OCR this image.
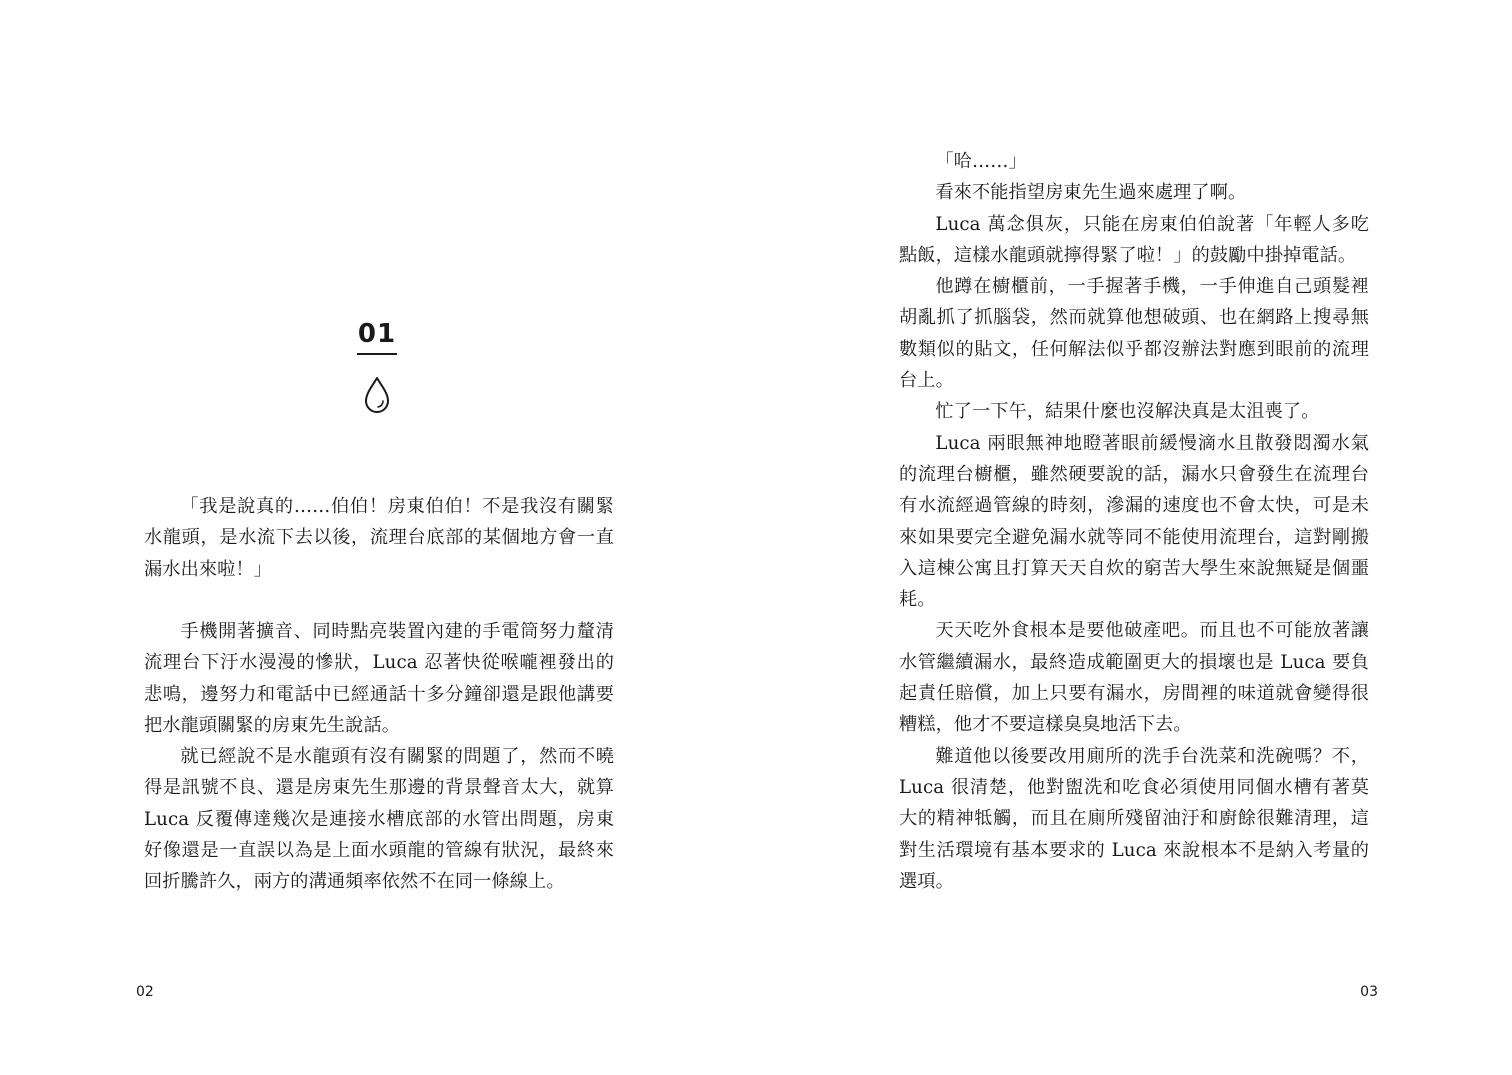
01

「我是說真的……伯伯！房東伯伯！不是我沒有關緊水龍頭，是水流下去以後，流理台底部的某個地方會一直漏水出來啦！」

手機開著擴音、同時點亮裝置內建的手電筒努力釐清流理台下汙水漫漫的慘狀，Luca 忍著快從喉嚨裡發出的悲鳴，邊努力和電話中已經通話十多分鐘卻還是跟他講要把水龍頭關緊的房東先生說話。

就已經說不是水龍頭有沒有關緊的問題了，然而不曉得是訊號不良、還是房東先生那邊的背景聲音太大，就算 Luca 反覆傳達幾次是連接水槽底部的水管出問題，房東好像還是一直誤以為是上面水頭龍的管線有狀況，最終來回折騰許久，兩方的溝通頻率依然不在同一條線上。

02

「哈……」

看來不能指望房東先生過來處理了啊。

Luca 萬念俱灰，只能在房東伯伯說著「年輕人多吃點飯，這樣水龍頭就擰得緊了啦！」的鼓勵中掛掉電話。

他蹲在櫥櫃前，一手握著手機，一手伸進自己頭髮裡胡亂抓了抓腦袋，然而就算他想破頭、也在網路上搜尋無數類似的貼文，任何解法似乎都沒辦法對應到眼前的流理台上。

忙了一下午，結果什麼也沒解決真是太沮喪了。

Luca 兩眼無神地瞪著眼前緩慢滴水且散發悶濁水氣的流理台櫥櫃，雖然硬要說的話，漏水只會發生在流理台有水流經過管線的時刻，滲漏的速度也不會太快，可是未來如果要完全避免漏水就等同不能使用流理台，這對剛搬入這棟公寓且打算天天自炊的窮苦大學生來說無疑是個噩耗。

天天吃外食根本是要他破產吧。而且也不可能放著讓水管繼續漏水，最終造成範圍更大的損壞也是 Luca 要負起責任賠償，加上只要有漏水，房間裡的味道就會變得很糟糕，他才不要這樣臭臭地活下去。

難道他以後要改用廁所的洗手台洗菜和洗碗嗎？不，Luca 很清楚，他對盥洗和吃食必須使用同個水槽有著莫大的精神牴觸，而且在廁所殘留油汙和廚餘很難清理，這對生活環境有基本要求的 Luca 來說根本不是納入考量的選項。

03
